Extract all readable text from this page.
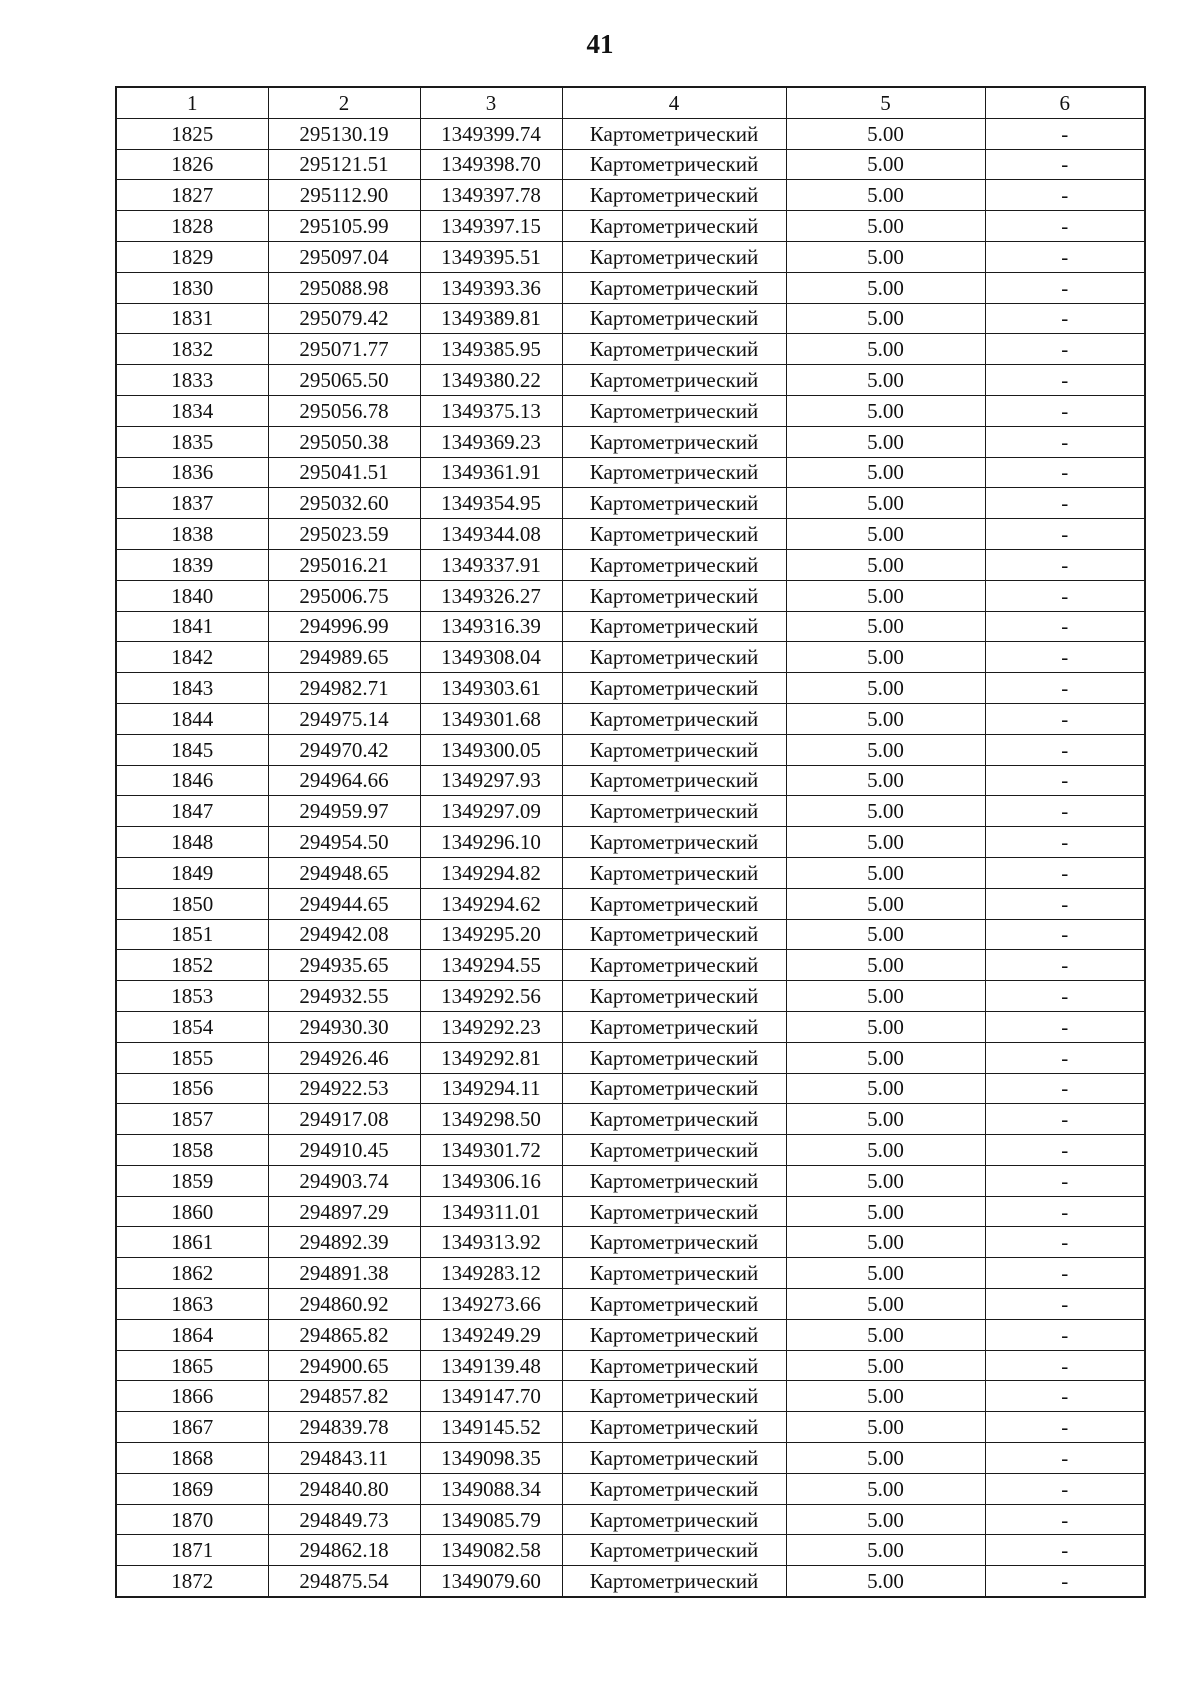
41
1	2	3	4	5	6
1825	295130.19	1349399.74	Картометрический	5.00	-
1826	295121.51	1349398.70	Картометрический	5.00	-
1827	295112.90	1349397.78	Картометрический	5.00	-
1828	295105.99	1349397.15	Картометрический	5.00	-
1829	295097.04	1349395.51	Картометрический	5.00	-
1830	295088.98	1349393.36	Картометрический	5.00	-
1831	295079.42	1349389.81	Картометрический	5.00	-
1832	295071.77	1349385.95	Картометрический	5.00	-
1833	295065.50	1349380.22	Картометрический	5.00	-
1834	295056.78	1349375.13	Картометрический	5.00	-
1835	295050.38	1349369.23	Картометрический	5.00	-
1836	295041.51	1349361.91	Картометрический	5.00	-
1837	295032.60	1349354.95	Картометрический	5.00	-
1838	295023.59	1349344.08	Картометрический	5.00	-
1839	295016.21	1349337.91	Картометрический	5.00	-
1840	295006.75	1349326.27	Картометрический	5.00	-
1841	294996.99	1349316.39	Картометрический	5.00	-
1842	294989.65	1349308.04	Картометрический	5.00	-
1843	294982.71	1349303.61	Картометрический	5.00	-
1844	294975.14	1349301.68	Картометрический	5.00	-
1845	294970.42	1349300.05	Картометрический	5.00	-
1846	294964.66	1349297.93	Картометрический	5.00	-
1847	294959.97	1349297.09	Картометрический	5.00	-
1848	294954.50	1349296.10	Картометрический	5.00	-
1849	294948.65	1349294.82	Картометрический	5.00	-
1850	294944.65	1349294.62	Картометрический	5.00	-
1851	294942.08	1349295.20	Картометрический	5.00	-
1852	294935.65	1349294.55	Картометрический	5.00	-
1853	294932.55	1349292.56	Картометрический	5.00	-
1854	294930.30	1349292.23	Картометрический	5.00	-
1855	294926.46	1349292.81	Картометрический	5.00	-
1856	294922.53	1349294.11	Картометрический	5.00	-
1857	294917.08	1349298.50	Картометрический	5.00	-
1858	294910.45	1349301.72	Картометрический	5.00	-
1859	294903.74	1349306.16	Картометрический	5.00	-
1860	294897.29	1349311.01	Картометрический	5.00	-
1861	294892.39	1349313.92	Картометрический	5.00	-
1862	294891.38	1349283.12	Картометрический	5.00	-
1863	294860.92	1349273.66	Картометрический	5.00	-
1864	294865.82	1349249.29	Картометрический	5.00	-
1865	294900.65	1349139.48	Картометрический	5.00	-
1866	294857.82	1349147.70	Картометрический	5.00	-
1867	294839.78	1349145.52	Картометрический	5.00	-
1868	294843.11	1349098.35	Картометрический	5.00	-
1869	294840.80	1349088.34	Картометрический	5.00	-
1870	294849.73	1349085.79	Картометрический	5.00	-
1871	294862.18	1349082.58	Картометрический	5.00	-
1872	294875.54	1349079.60	Картометрический	5.00	-
